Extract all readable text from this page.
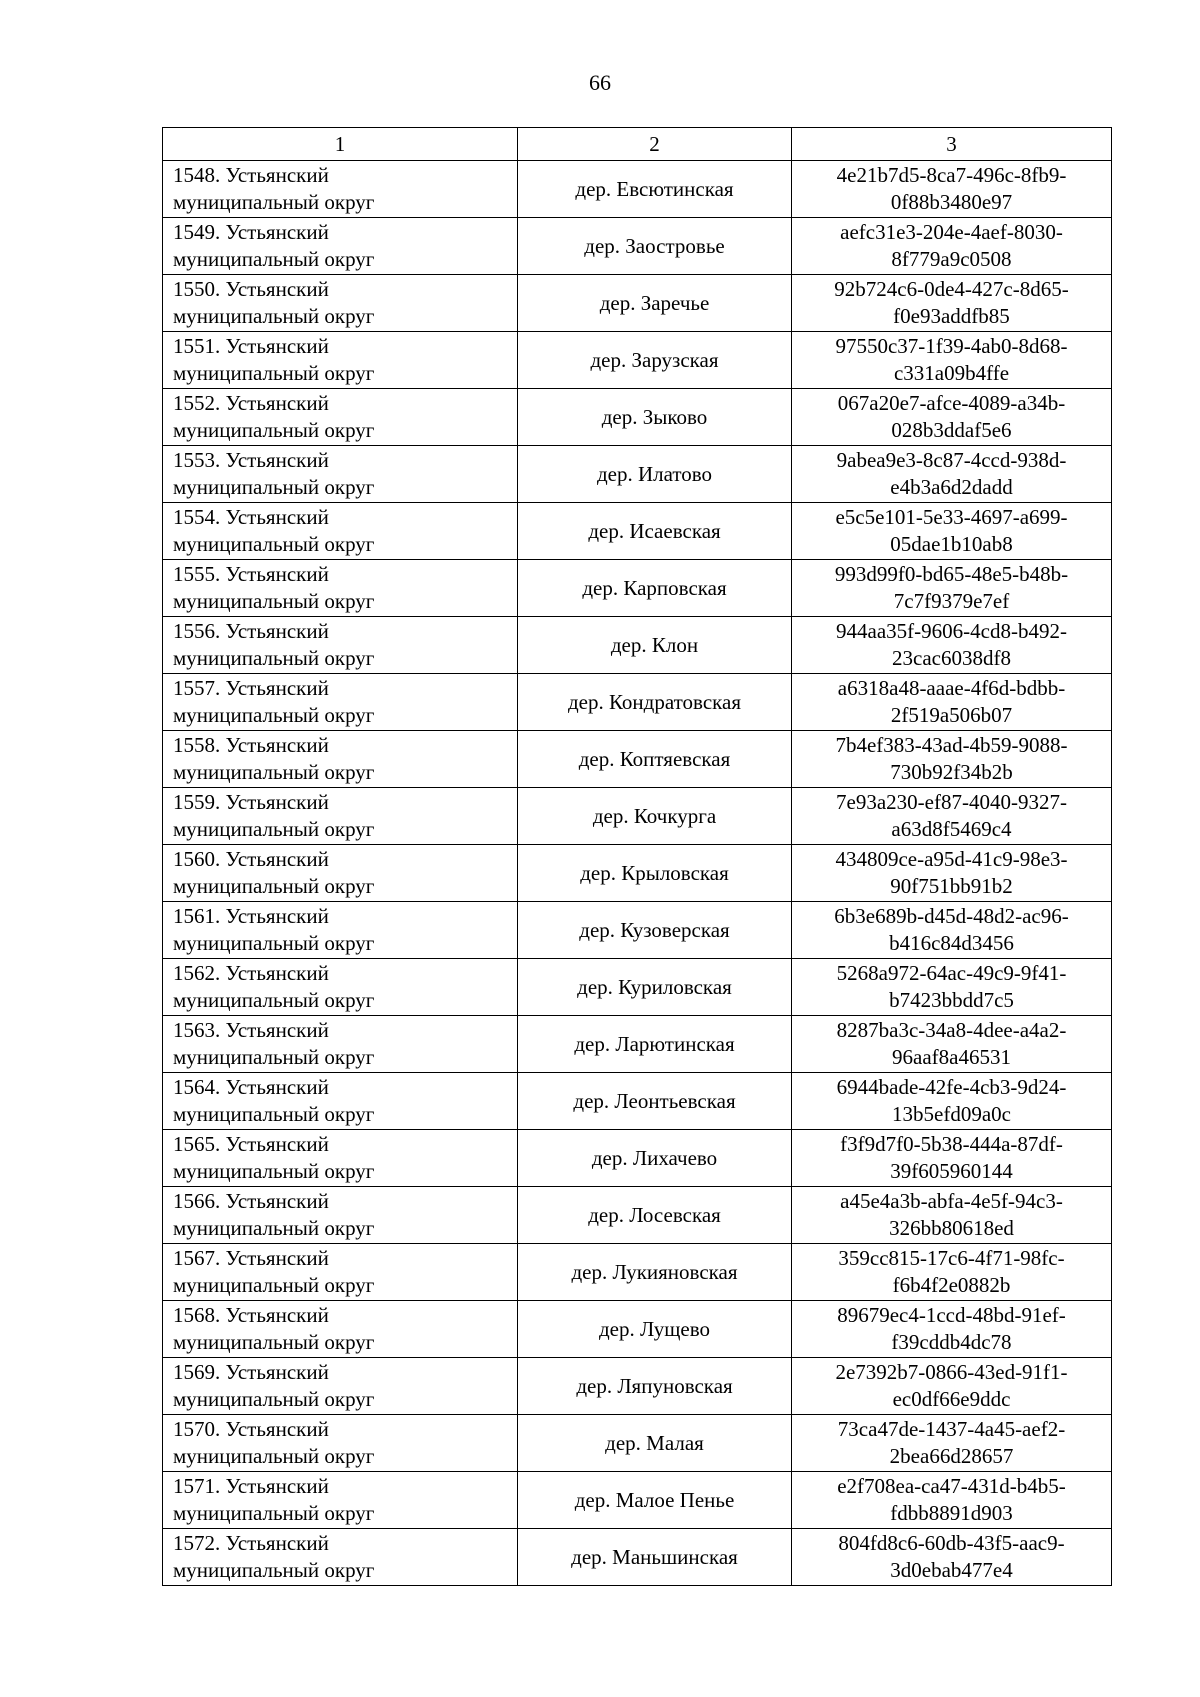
66
1	2	3

1548. Устьянский
муниципальный округ	дер. Евсютинская	4e21b7d5-8ca7-496c-8fb9-
0f88b3480e97

1549. Устьянский
муниципальный округ	дер. Заостровье	aefc31e3-204e-4aef-8030-
8f779a9c0508

1550. Устьянский
муниципальный округ	дер. Заречье	92b724c6-0de4-427c-8d65-
f0e93addfb85

1551. Устьянский
муниципальный округ	дер. Зарузская	97550c37-1f39-4ab0-8d68-
c331a09b4ffe

1552. Устьянский
муниципальный округ	дер. Зыково	067a20e7-afce-4089-a34b-
028b3ddaf5e6

1553. Устьянский
муниципальный округ	дер. Илатово	9abea9e3-8c87-4ccd-938d-
e4b3a6d2dadd

1554. Устьянский
муниципальный округ	дер. Исаевская	e5c5e101-5e33-4697-a699-
05dae1b10ab8

1555. Устьянский
муниципальный округ	дер. Карповская	993d99f0-bd65-48e5-b48b-
7c7f9379e7ef

1556. Устьянский
муниципальный округ	дер. Клон	944aa35f-9606-4cd8-b492-
23cac6038df8

1557. Устьянский
муниципальный округ	дер. Кондратовская	a6318a48-aaae-4f6d-bdbb-
2f519a506b07

1558. Устьянский
муниципальный округ	дер. Коптяевская	7b4ef383-43ad-4b59-9088-
730b92f34b2b

1559. Устьянский
муниципальный округ	дер. Кочкурга	7e93a230-ef87-4040-9327-
a63d8f5469c4

1560. Устьянский
муниципальный округ	дер. Крыловская	434809ce-a95d-41c9-98e3-
90f751bb91b2

1561. Устьянский
муниципальный округ	дер. Кузоверская	6b3e689b-d45d-48d2-ac96-
b416c84d3456

1562. Устьянский
муниципальный округ	дер. Куриловская	5268a972-64ac-49c9-9f41-
b7423bbdd7c5

1563. Устьянский
муниципальный округ	дер. Ларютинская	8287ba3c-34a8-4dee-a4a2-
96aaf8a46531

1564. Устьянский
муниципальный округ	дер. Леонтьевская	6944bade-42fe-4cb3-9d24-
13b5efd09a0c

1565. Устьянский
муниципальный округ	дер. Лихачево	f3f9d7f0-5b38-444a-87df-
39f605960144

1566. Устьянский
муниципальный округ	дер. Лосевская	a45e4a3b-abfa-4e5f-94c3-
326bb80618ed

1567. Устьянский
муниципальный округ	дер. Лукияновская	359cc815-17c6-4f71-98fc-
f6b4f2e0882b

1568. Устьянский
муниципальный округ	дер. Лущево	89679ec4-1ccd-48bd-91ef-
f39cddb4dc78

1569. Устьянский
муниципальный округ	дер. Ляпуновская	2e7392b7-0866-43ed-91f1-
ec0df66e9ddc

1570. Устьянский
муниципальный округ	дер. Малая	73ca47de-1437-4a45-aef2-
2bea66d28657

1571. Устьянский
муниципальный округ	дер. Малое Пенье	e2f708ea-ca47-431d-b4b5-
fdbb8891d903

1572. Устьянский
муниципальный округ	дер. Маньшинская	804fd8c6-60db-43f5-aac9-
3d0ebab477e4
